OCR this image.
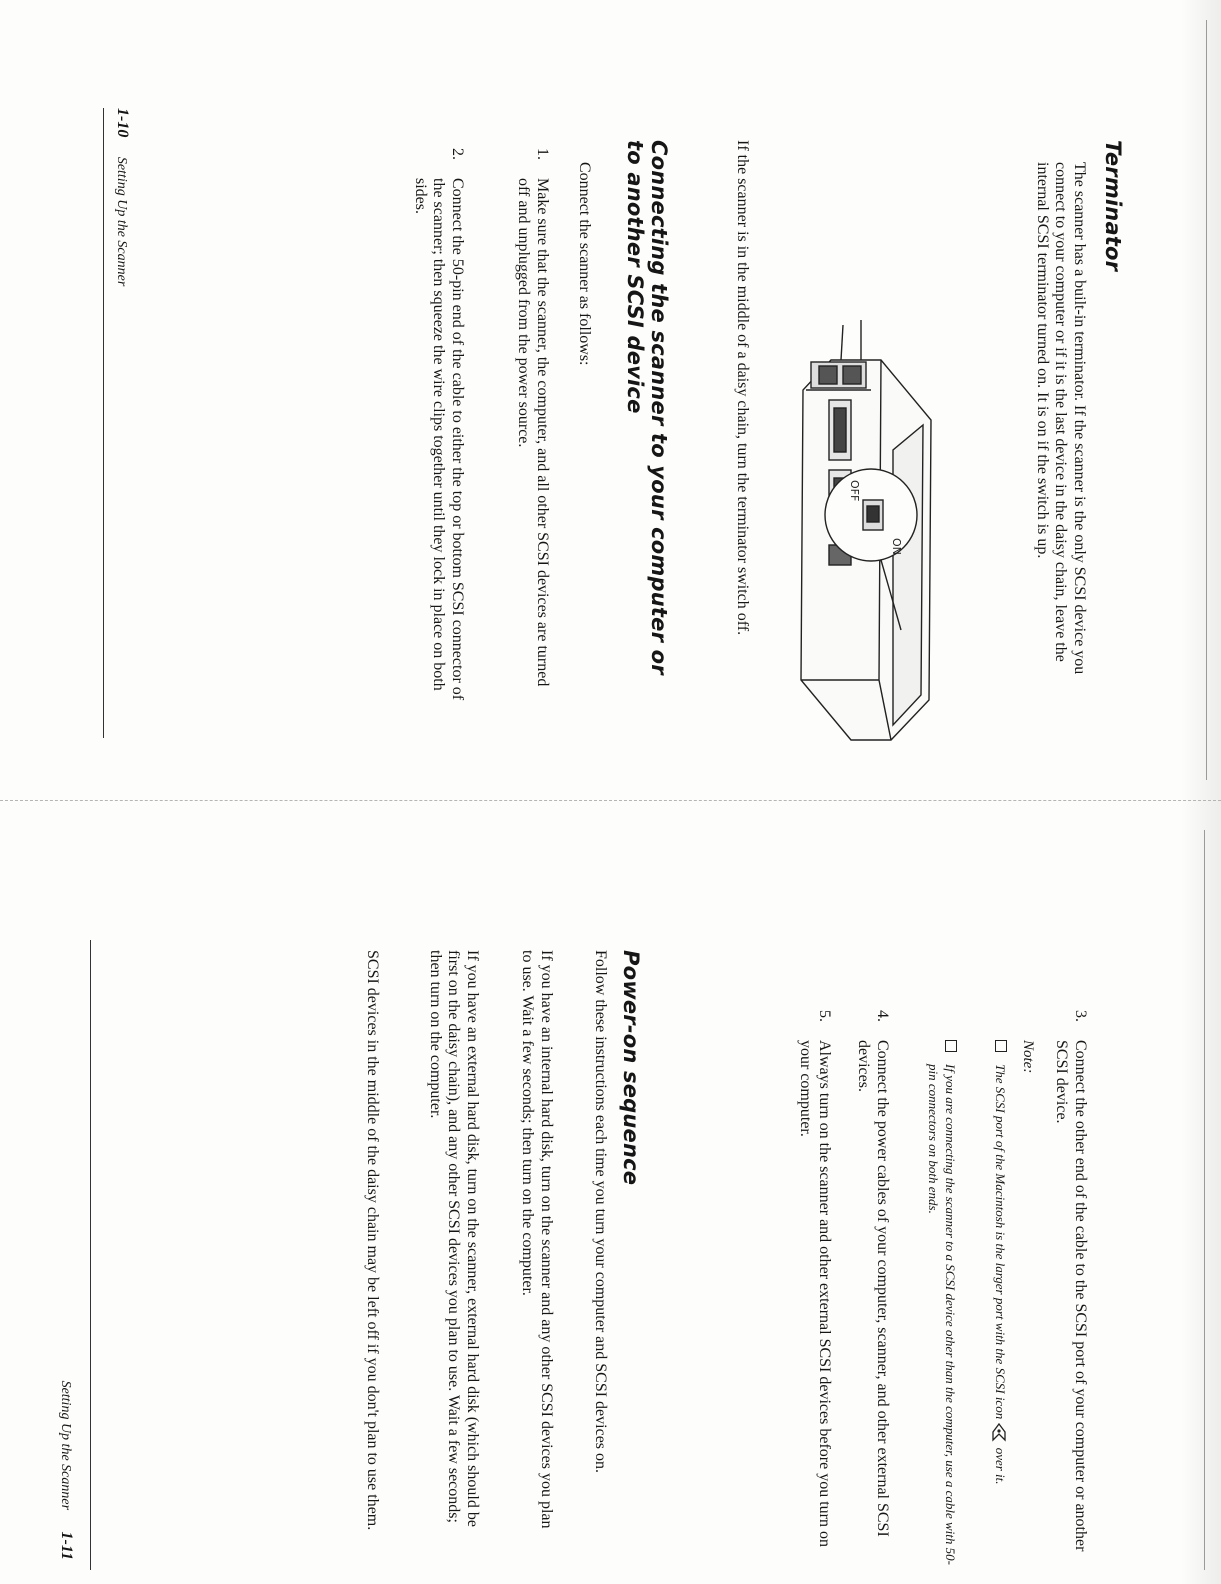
Terminator

The scanner has a built-in terminator. If the scanner is the only SCSI device you connect to your computer or if it is the last device in the daisy chain, leave the internal SCSI terminator turned on. It is on if the switch is up.

ON
OFF

If the scanner is in the middle of a daisy chain, turn the terminator switch off.

Connecting the scanner to your computer or to another SCSI device

Connect the scanner as follows:

1.
Make sure that the scanner, the computer, and all other SCSI devices are turned off and unplugged from the power source.
2.
Connect the 50-pin end of the cable to either the top or bottom SCSI connector of the scanner; then squeeze the wire clips together until they lock in place on both sides.
1-10 Setting Up the Scanner
3.
Connect the other end of the cable to the SCSI port of your computer or another SCSI device.
Note:
The SCSI port of the Macintosh is the larger port with the SCSI icon  over it.
If you are connecting the scanner to a SCSI device other than the computer, use a cable with 50-pin connectors on both ends.
4.
Connect the power cables of your computer, scanner, and other external SCSI devices.
5.
Always turn on the scanner and other external SCSI devices before you turn on your computer.
Power-on sequence

Follow these instructions each time you turn your computer and SCSI devices on.

If you have an internal hard disk, turn on the scanner and any other SCSI devices you plan to use. Wait a few seconds; then turn on the computer.

If you have an external hard disk, turn on the scanner, external hard disk (which should be first on the daisy chain), and any other SCSI devices you plan to use. Wait a few seconds; then turn on the computer.

SCSI devices in the middle of the daisy chain may be left off if you don't plan to use them.

Setting Up the Scanner 1-11
